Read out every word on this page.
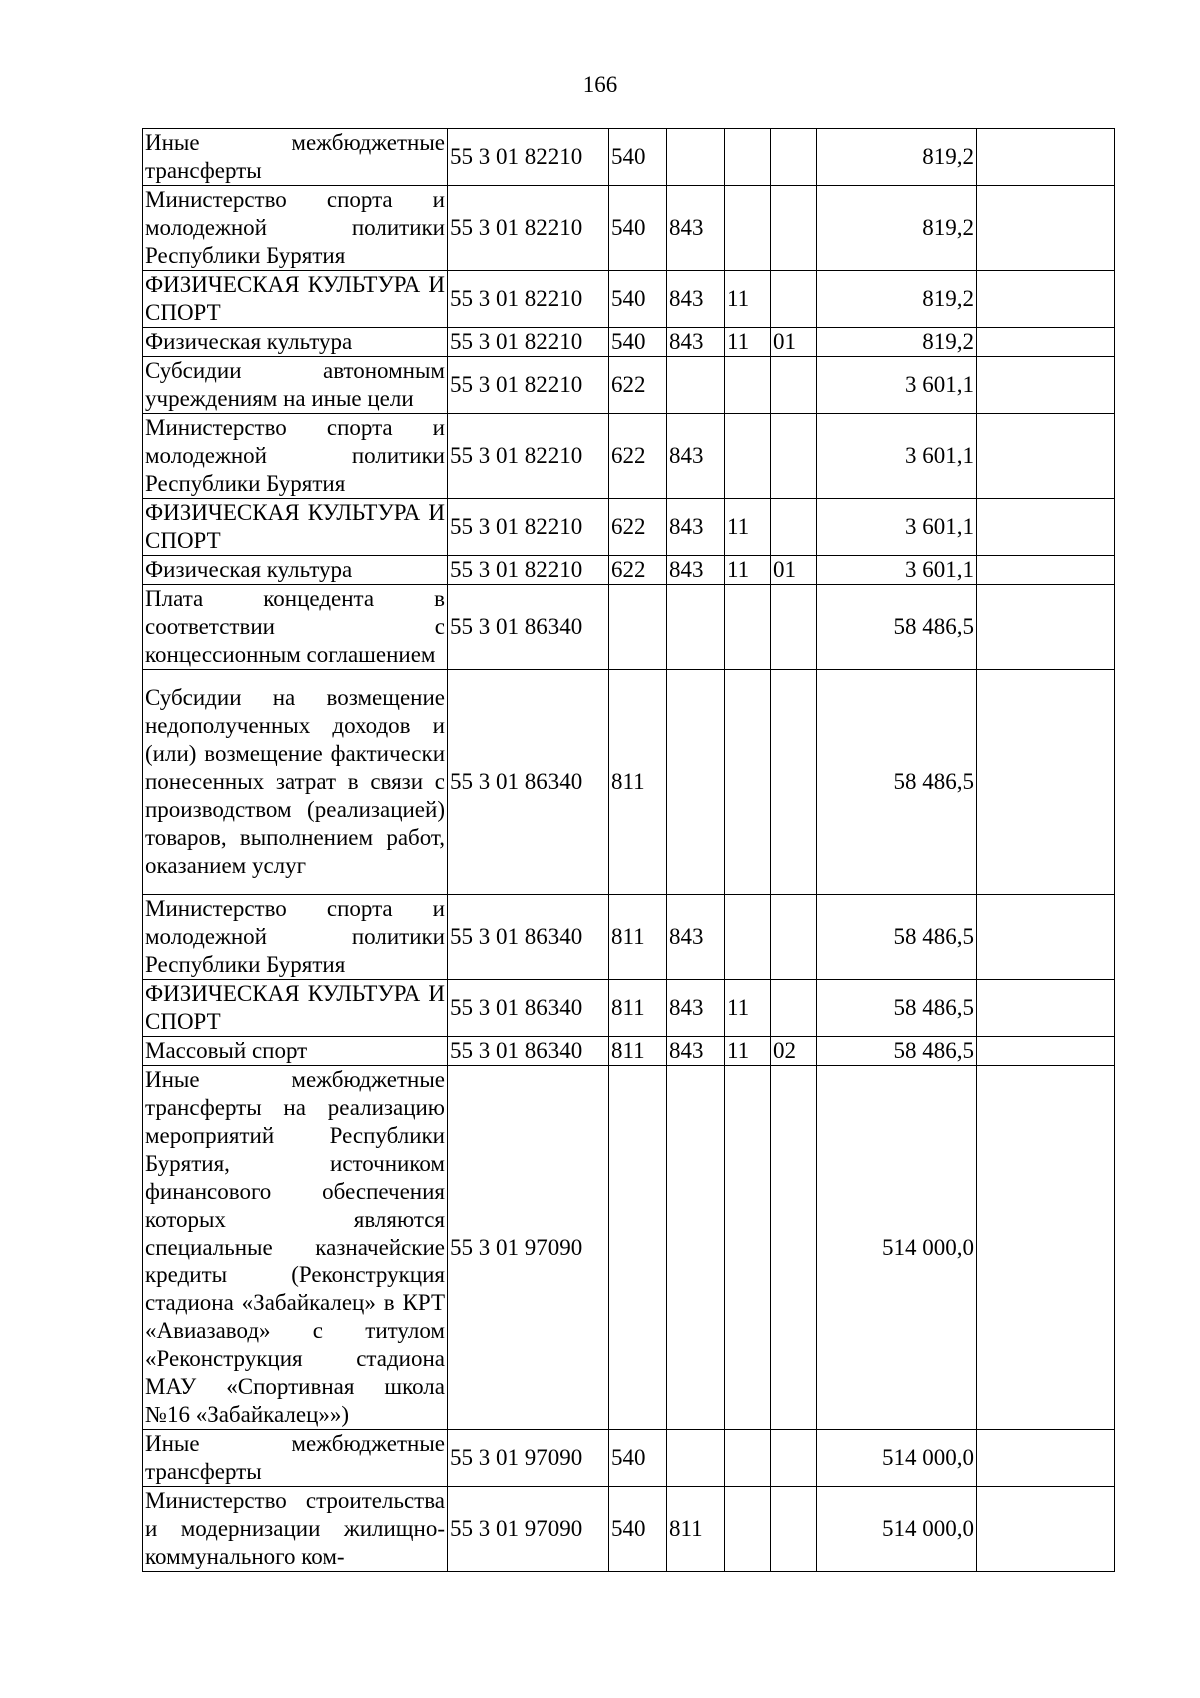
166
Иные межбюджетные трансферты	55 3 01 82210	540				819,2	
Министерство спорта и молодежной политики Республики Бурятия	55 3 01 82210	540	843			819,2	
ФИЗИЧЕСКАЯ КУЛЬТУРА И СПОРТ	55 3 01 82210	540	843	11		819,2	
Физическая культура	55 3 01 82210	540	843	11	01	819,2	
Субсидии автономным учреждениям на иные цели	55 3 01 82210	622				3 601,1	
Министерство спорта и молодежной политики Республики Бурятия	55 3 01 82210	622	843			3 601,1	
ФИЗИЧЕСКАЯ КУЛЬТУРА И СПОРТ	55 3 01 82210	622	843	11		3 601,1	
Физическая культура	55 3 01 82210	622	843	11	01	3 601,1	
Плата концедента в соответствии с концессионным соглашением	55 3 01 86340					58 486,5	
Субсидии на возмещение недополученных доходов и (или) возмещение фактически понесенных затрат в связи с производством (реализацией) товаров, выполнением работ, оказанием услуг	55 3 01 86340	811				58 486,5	
Министерство спорта и молодежной политики Республики Бурятия	55 3 01 86340	811	843			58 486,5	
ФИЗИЧЕСКАЯ КУЛЬТУРА И СПОРТ	55 3 01 86340	811	843	11		58 486,5	
Массовый спорт	55 3 01 86340	811	843	11	02	58 486,5	
Иные межбюджетные трансферты на реализацию мероприятий Республики Бурятия, источником финансового обеспечения которых являются специальные казначейские кредиты (Реконструкция стадиона «Забайкалец» в КРТ «Авиазавод» с титулом «Реконструкция стадиона МАУ «Спортивная школа №16 «Забайкалец»»)	55 3 01 97090					514 000,0	
Иные межбюджетные трансферты	55 3 01 97090	540				514 000,0	
Министерство строительства и модернизации жилищно-коммунального ком-	55 3 01 97090	540	811			514 000,0	
